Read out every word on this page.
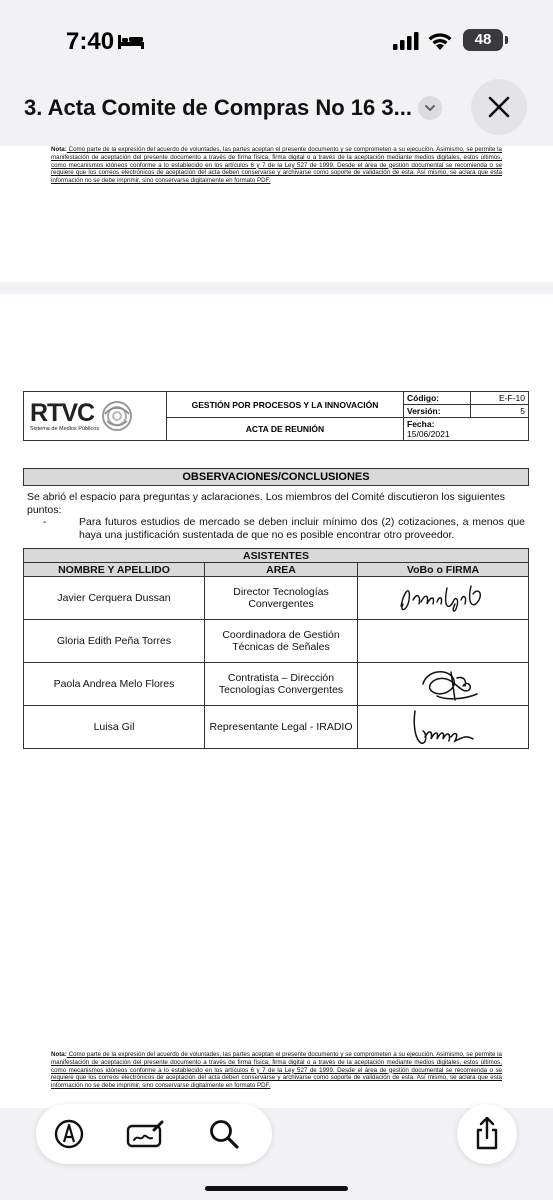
7:40	48
3. Acta Comite de Compras No 16 3...
Nota: Como parte de la expresión del acuerdo de voluntades, las partes aceptan el presente documento y se comprometen a su ejecución. Asimismo, se permite la manifestación de aceptación del presente documento a través de firma física, firma digital o a través de la aceptación mediante medios digitales, estos últimos, como mecanismos idóneos conforme a lo establecido en los artículos 6 y 7 de la Ley 527 de 1999. Desde el área de gestión documental se recomienda o se requiere que los correos electrónicos de aceptación del acta deben conservarse y archivarse como soporte de validación de esta. Así mismo, se aclara que esta información no se debe imprimir, sino conservarse digitalmente en formato PDF.
RTVC
Sistema de Medios Públicos	GESTIÓN POR PROCESOS Y LA INNOVACIÓN	Código:	E-F-10
		Versión:	5
	ACTA DE REUNIÓN	Fecha:
15/06/2021	
OBSERVACIONES/CONCLUSIONES
Se abrió el espacio para preguntas y aclaraciones. Los miembros del Comité discutieron los siguientes puntos:
-	Para futuros estudios de mercado se deben incluir mínimo dos (2) cotizaciones, a menos que haya una justificación sustentada de que no es posible encontrar otro proveedor.
ASISTENTES		
NOMBRE Y APELLIDO	AREA	VoBo o FIRMA
Javier Cerquera Dussan	Director Tecnologías Convergentes	

Gloria Edith Peña Torres	Coordinadora de Gestión Técnicas de Señales	
Paola Andrea Melo Flores	Contratista – Dirección Tecnologías Convergentes	

Luisa Gil	Representante Legal - IRADIO	
Nota: Como parte de la expresión del acuerdo de voluntades, las partes aceptan el presente documento y se comprometen a su ejecución. Asimismo, se permite la manifestación de aceptación del presente documento a través de firma física, firma digital o a través de la aceptación mediante medios digitales, estos últimos, como mecanismos idóneos conforme a lo establecido en los artículos 6 y 7 de la Ley 527 de 1999. Desde el área de gestión documental se recomienda o se requiere que los correos electrónicos de aceptación del acta deben conservarse y archivarse como soporte de validación de esta. Así mismo, se aclara que esta información no se debe imprimir, sino conservarse digitalmente en formato PDF.
